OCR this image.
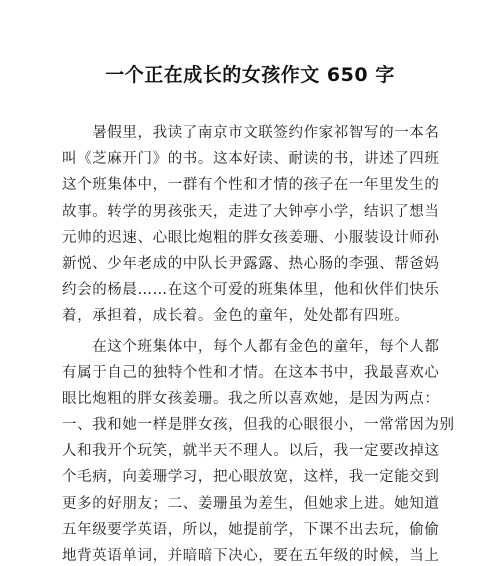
一个正在成长的女孩作文 650 字
　　暑假里，我读了南京市文联签约作家祁智写的一本名
叫《芝麻开门》的书。这本好读、耐读的书，讲述了四班
这个班集体中，一群有个性和才情的孩子在一年里发生的
故事。转学的男孩张天，走进了大钟亭小学，结识了想当
元帅的迟速、心眼比炮粗的胖女孩姜珊、小服装设计师孙
新悦、少年老成的中队长尹露露、热心肠的李强、帮爸妈
约会的杨晨……在这个可爱的班集体里，他和伙伴们快乐
着，承担着，成长着。金色的童年，处处都有四班。
　　在这个班集体中，每个人都有金色的童年，每个人都
有属于自己的独特个性和才情。在这本书中，我最喜欢心
眼比炮粗的胖女孩姜珊。我之所以喜欢她，是因为两点：
一、我和她一样是胖女孩，但我的心眼很小，一常常因为别
人和我开个玩笑，就半天不理人。以后，我一定要改掉这
个毛病，向姜珊学习，把心眼放宽，这样，我一定能交到
更多的好朋友；二、姜珊虽为差生，但她求上进。她知道
五年级要学英语，所以，她提前学，下课不出去玩，偷偷
地背英语单词，并暗暗下决心，要在五年级的时候，当上
